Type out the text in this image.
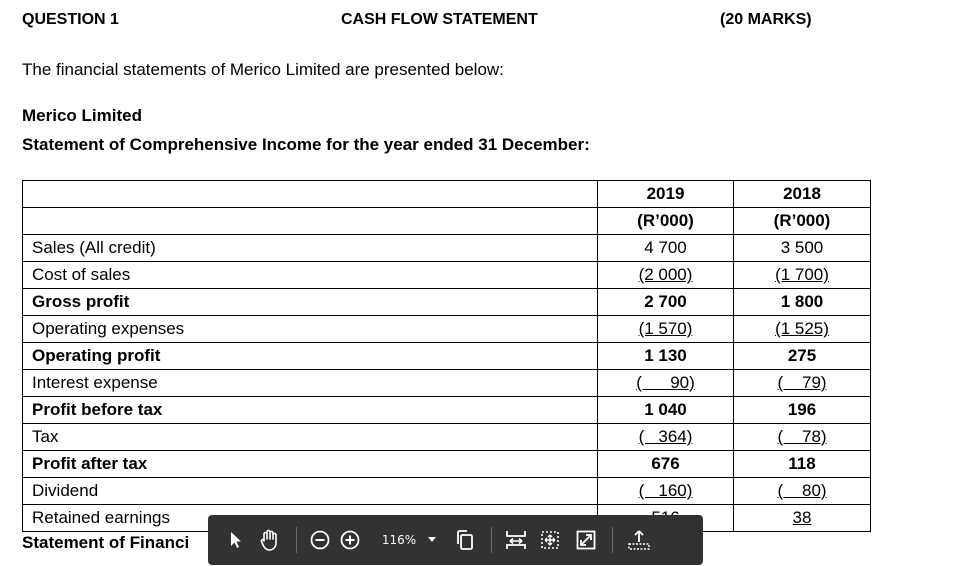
QUESTION 1	CASH FLOW STATEMENT	(20 MARKS)
The financial statements of Merico Limited are presented below:
Merico Limited
Statement of Comprehensive Income for the year ended 31 December:
	2019	2018
	(R’000)	(R’000)
Sales (All credit)	4 700	3 500
Cost of sales	(2 000)	(1 700)
Gross profit	2 700	1 800
Operating expenses	(1 570)	(1 525)
Operating profit	1 130	275
Interest expense	(      90)	(    79)
Profit before tax	1 040	196
Tax	(   364)	(    78)
Profit after tax	676	118
Dividend	(   160)	(    80)
Retained earnings		38
Statement of Financi	116%
